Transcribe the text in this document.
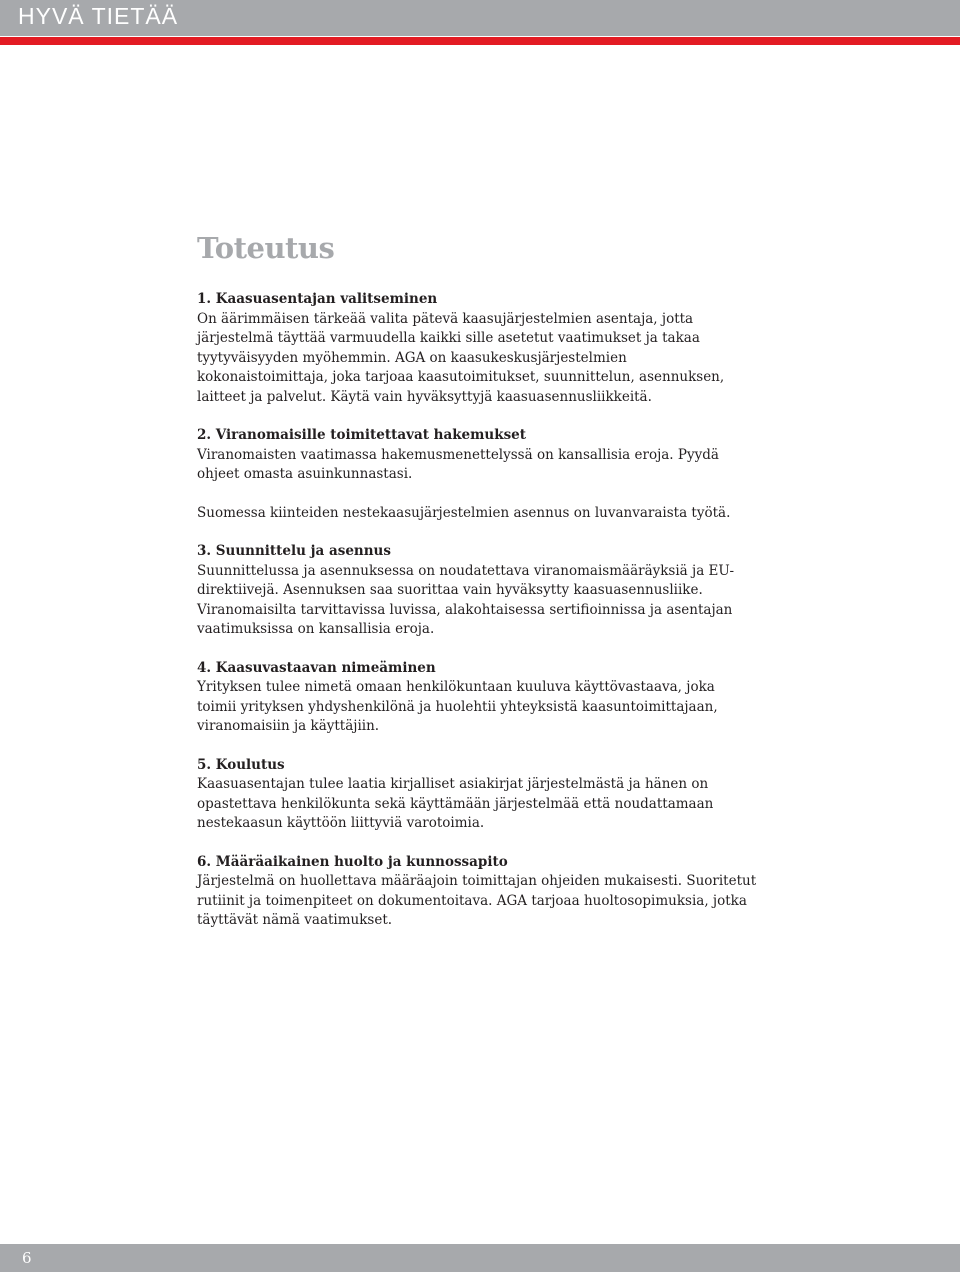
HYVÄ TIETÄÄ
Toteutus
1. Kaasuasentajan valitseminen

On äärimmäisen tärkeää valita pätevä kaasujärjestelmien asentaja, jotta järjestelmä täyttää varmuudella kaikki sille asetetut vaatimukset ja takaa tyytyväisyyden myöhemmin. AGA on kaasukeskusjärjestelmien kokonaistoimittaja, joka tarjoaa kaasutoimitukset, suunnittelun, asennuksen, laitteet ja palvelut. Käytä vain hyväksyttyjä kaasuasennusliikkeitä.

2. Viranomaisille toimitettavat hakemukset

Viranomaisten vaatimassa hakemusmenettelyssä on kansallisia eroja. Pyydä ohjeet omasta asuinkunnastasi.

Suomessa kiinteiden nestekaasujärjestelmien asennus on luvanvaraista työtä.

3. Suunnittelu ja asennus

Suunnittelussa ja asennuksessa on noudatettava viranomaismääräyksiä ja EU-direktiivejä. Asennuksen saa suorittaa vain hyväksytty kaasuasennusliike. Viranomaisilta tarvittavissa luvissa, alakohtaisessa sertifioinnissa ja asentajan vaatimuksissa on kansallisia eroja.

4. Kaasuvastaavan nimeäminen

Yrityksen tulee nimetä omaan henkilökuntaan kuuluva käyttövastaava, joka toimii yrityksen yhdyshenkilönä ja huolehtii yhteyksistä kaasuntoimittajaan, viranomaisiin ja käyttäjiin.

5. Koulutus

Kaasuasentajan tulee laatia kirjalliset asiakirjat järjestelmästä ja hänen on opastettava henkilökunta sekä käyttämään järjestelmää että noudattamaan nestekaasun käyttöön liittyviä varotoimia.

6. Määräaikainen huolto ja kunnossapito

Järjestelmä on huollettava määräajoin toimittajan ohjeiden mukaisesti. Suoritetut rutiinit ja toimenpiteet on dokumentoitava. AGA tarjoaa huoltosopimuksia, jotka täyttävät nämä vaatimukset.

6
